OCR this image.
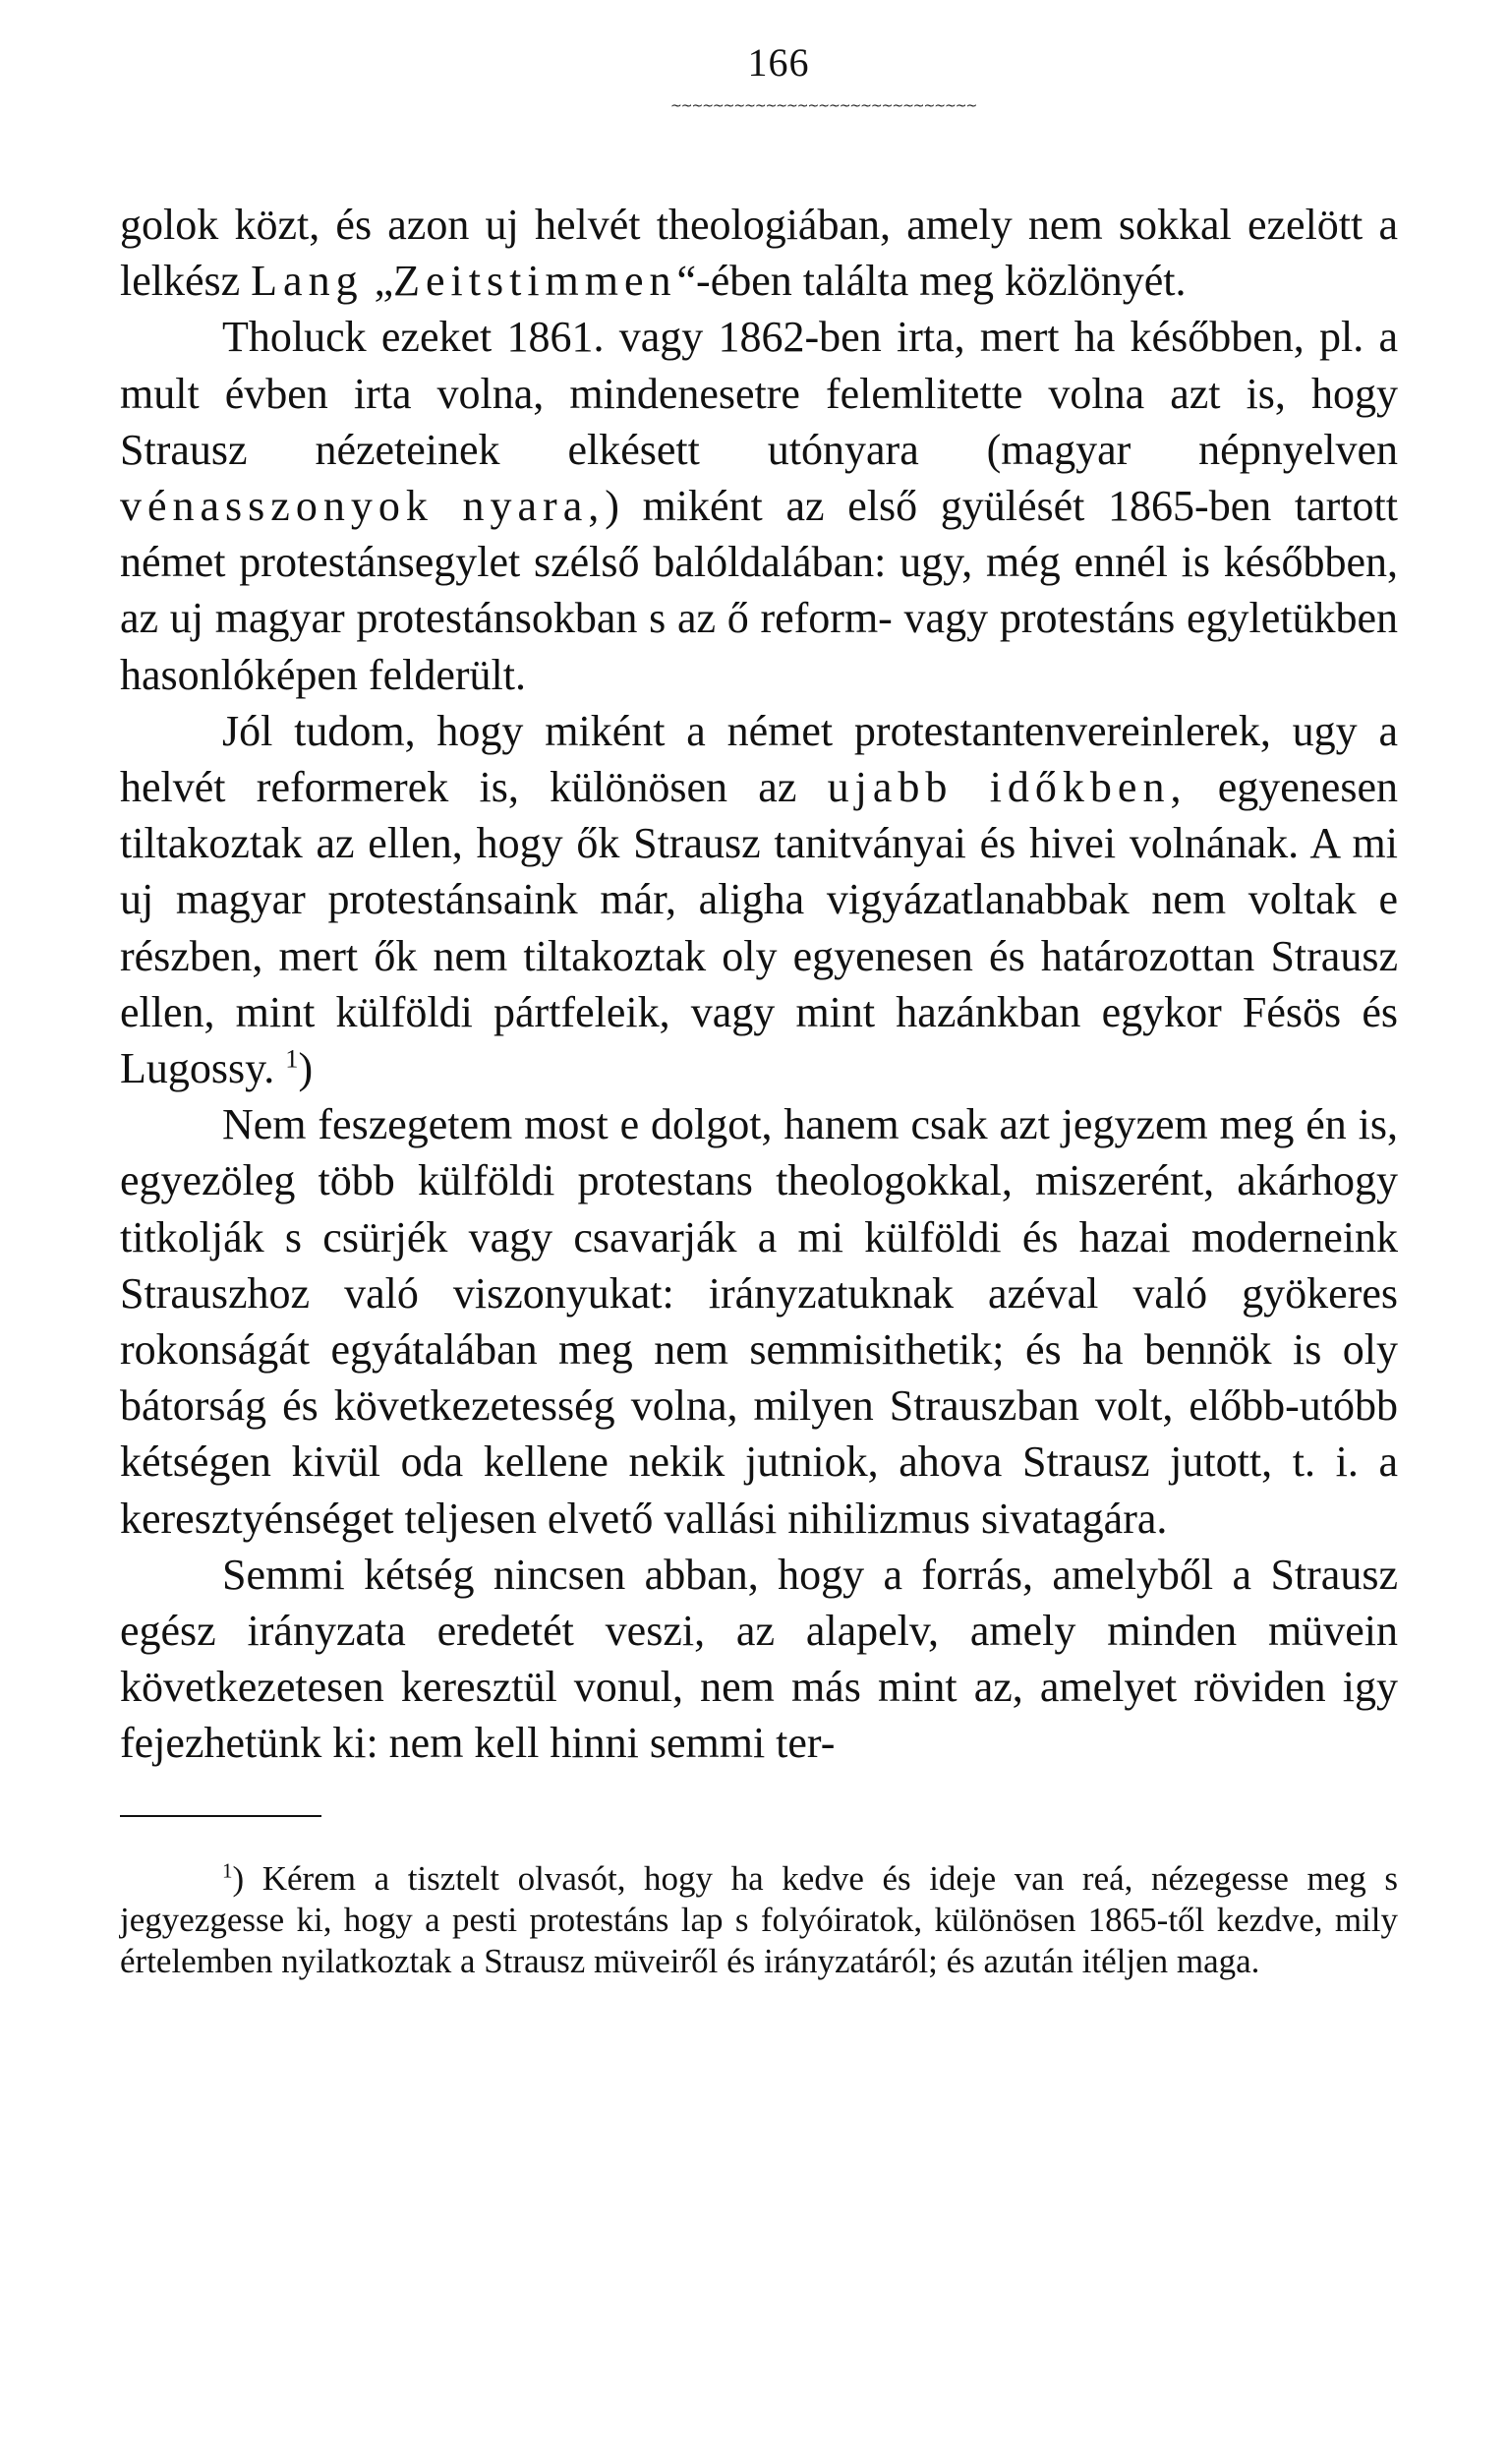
166
~~~~~~~~~~~~~~~~~~~~~~~~~~~~~

golok közt, és azon uj helvét theologiában, amely nem sokkal ezelött a lelkész Lang „Zeitstimmen“-ében találta meg közlönyét.

Tholuck ezeket 1861. vagy 1862-ben irta, mert ha későbben, pl. a mult évben irta volna, mindenesetre felemlitette volna azt is, hogy Strausz nézeteinek elkésett utónyara (magyar népnyelven vénasszonyok nyara,) miként az első gyülését 1865-ben tartott német protestánsegylet szélső balóldalában: ugy, még ennél is későbben, az uj magyar protestánsokban s az ő reform- vagy protestáns egyletükben hasonlóképen felderült.

Jól tudom, hogy miként a német protestantenvereinlerek, ugy a helvét reformerek is, különösen az ujabb időkben, egyenesen tiltakoztak az ellen, hogy ők Strausz tanitványai és hivei volnának. A mi uj magyar protestánsaink már, aligha vigyázatlanabbak nem voltak e részben, mert ők nem tiltakoztak oly egyenesen és határozottan Strausz ellen, mint külföldi pártfeleik, vagy mint hazánkban egykor Fésös és Lugossy. $^1$)

Nem feszegetem most e dolgot, hanem csak azt jegyzem meg én is, egyezöleg több külföldi protestans theologokkal, miszerént, akárhogy titkolják s csürjék vagy csavarják a mi külföldi és hazai moderneink Strauszhoz való viszonyukat: irányzatuknak azéval való gyökeres rokonságát egyátalában meg nem semmisithetik; és ha bennök is oly bátorság és következetesség volna, milyen Strauszban volt, előbb-utóbb kétségen kivül oda kellene nekik jutniok, ahova Strausz jutott, t. i. a keresztyénséget teljesen elvető vallási nihilizmus sivatagára.

Semmi kétség nincsen abban, hogy a forrás, amelyből a Strausz egész irányzata eredetét veszi, az alapelv, amely minden müvein következetesen keresztül vonul, nem más mint az, amelyet röviden igy fejezhetünk ki: nem kell hinni semmi ter-

$^1$) Kérem a tisztelt olvasót, hogy ha kedve és ideje van reá, nézegesse meg s jegyezgesse ki, hogy a pesti protestáns lap s folyóiratok, különösen 1865-től kezdve, mily értelemben nyilatkoztak a Strausz müveiről és irányzatáról; és azután itéljen maga.
